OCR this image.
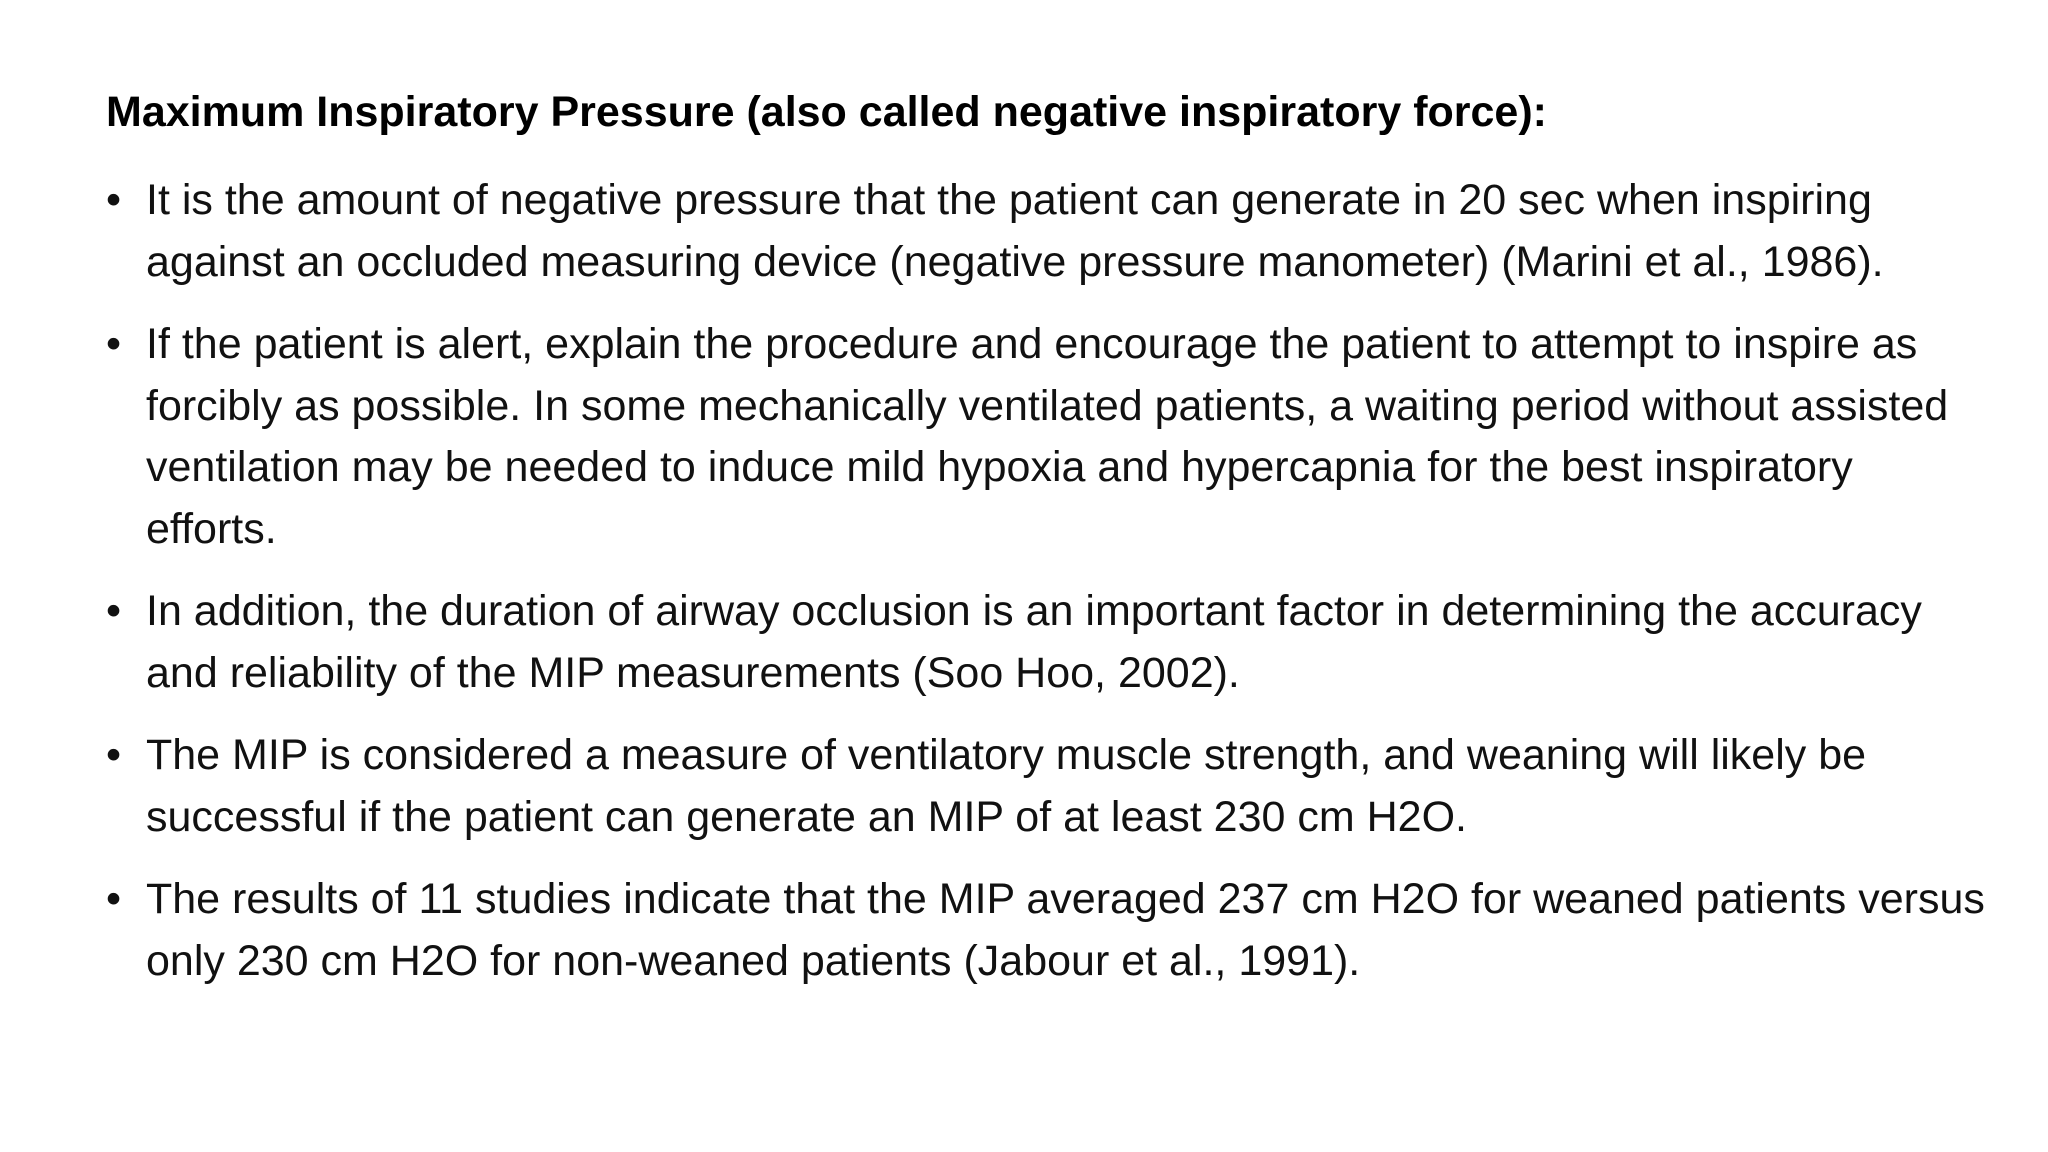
Maximum Inspiratory Pressure (also called negative inspiratory force):
• It is the amount of negative pressure that the patient can generate in 20 sec when inspiring against an occluded measuring device (negative pressure manometer) (Marini et al., 1986).
• If the patient is alert, explain the procedure and encourage the patient to attempt to inspire as forcibly as possible. In some mechanically ventilated patients, a waiting period without assisted ventilation may be needed to induce mild hypoxia and hypercapnia for the best inspiratory efforts.
• In addition, the duration of airway occlusion is an important factor in determining the accuracy and reliability of the MIP measurements (Soo Hoo, 2002).
• The MIP is considered a measure of ventilatory muscle strength, and weaning will likely be successful if the patient can generate an MIP of at least 230 cm H2O.
• The results of 11 studies indicate that the MIP averaged 237 cm H2O for weaned patients versus only 230 cm H2O for non-weaned patients (Jabour et al., 1991).
